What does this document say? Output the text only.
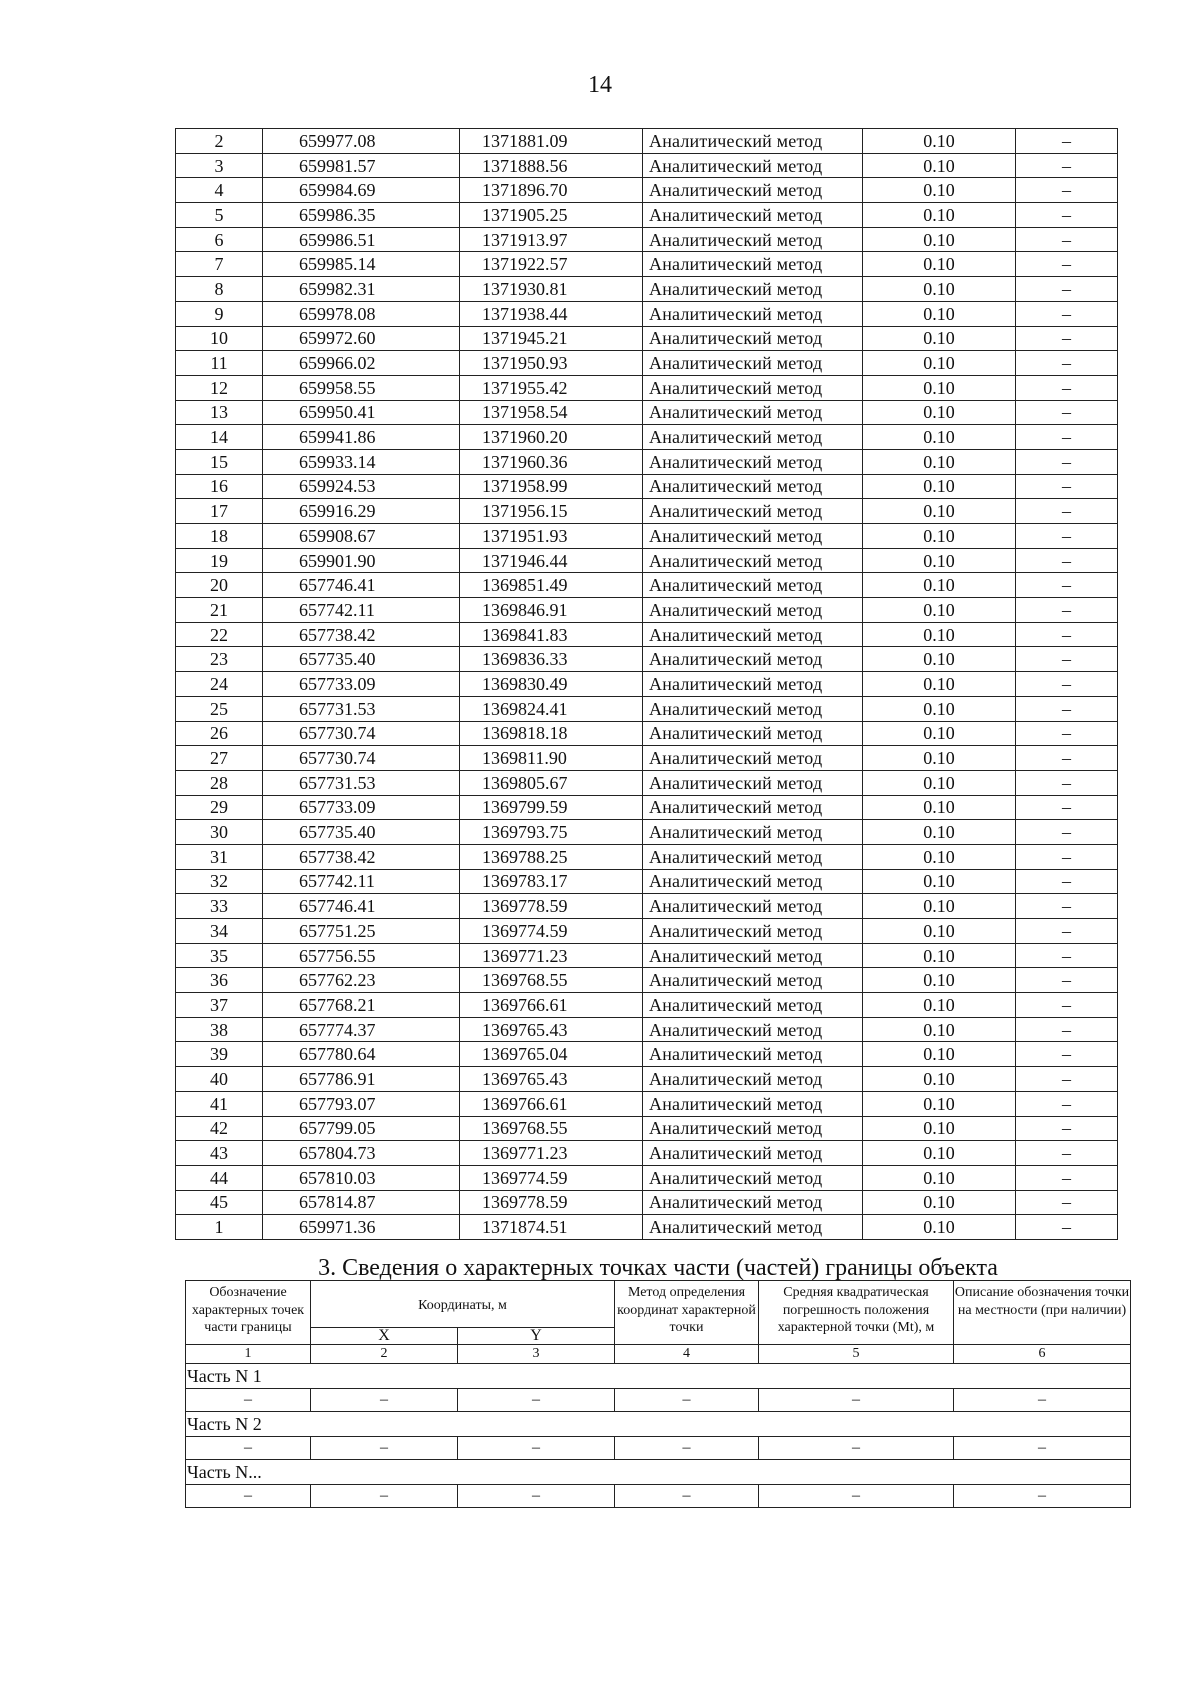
14
2	659977.08	1371881.09	Аналитический метод	0.10	–
3	659981.57	1371888.56	Аналитический метод	0.10	–
4	659984.69	1371896.70	Аналитический метод	0.10	–
5	659986.35	1371905.25	Аналитический метод	0.10	–
6	659986.51	1371913.97	Аналитический метод	0.10	–
7	659985.14	1371922.57	Аналитический метод	0.10	–
8	659982.31	1371930.81	Аналитический метод	0.10	–
9	659978.08	1371938.44	Аналитический метод	0.10	–
10	659972.60	1371945.21	Аналитический метод	0.10	–
11	659966.02	1371950.93	Аналитический метод	0.10	–
12	659958.55	1371955.42	Аналитический метод	0.10	–
13	659950.41	1371958.54	Аналитический метод	0.10	–
14	659941.86	1371960.20	Аналитический метод	0.10	–
15	659933.14	1371960.36	Аналитический метод	0.10	–
16	659924.53	1371958.99	Аналитический метод	0.10	–
17	659916.29	1371956.15	Аналитический метод	0.10	–
18	659908.67	1371951.93	Аналитический метод	0.10	–
19	659901.90	1371946.44	Аналитический метод	0.10	–
20	657746.41	1369851.49	Аналитический метод	0.10	–
21	657742.11	1369846.91	Аналитический метод	0.10	–
22	657738.42	1369841.83	Аналитический метод	0.10	–
23	657735.40	1369836.33	Аналитический метод	0.10	–
24	657733.09	1369830.49	Аналитический метод	0.10	–
25	657731.53	1369824.41	Аналитический метод	0.10	–
26	657730.74	1369818.18	Аналитический метод	0.10	–
27	657730.74	1369811.90	Аналитический метод	0.10	–
28	657731.53	1369805.67	Аналитический метод	0.10	–
29	657733.09	1369799.59	Аналитический метод	0.10	–
30	657735.40	1369793.75	Аналитический метод	0.10	–
31	657738.42	1369788.25	Аналитический метод	0.10	–
32	657742.11	1369783.17	Аналитический метод	0.10	–
33	657746.41	1369778.59	Аналитический метод	0.10	–
34	657751.25	1369774.59	Аналитический метод	0.10	–
35	657756.55	1369771.23	Аналитический метод	0.10	–
36	657762.23	1369768.55	Аналитический метод	0.10	–
37	657768.21	1369766.61	Аналитический метод	0.10	–
38	657774.37	1369765.43	Аналитический метод	0.10	–
39	657780.64	1369765.04	Аналитический метод	0.10	–
40	657786.91	1369765.43	Аналитический метод	0.10	–
41	657793.07	1369766.61	Аналитический метод	0.10	–
42	657799.05	1369768.55	Аналитический метод	0.10	–
43	657804.73	1369771.23	Аналитический метод	0.10	–
44	657810.03	1369774.59	Аналитический метод	0.10	–
45	657814.87	1369778.59	Аналитический метод	0.10	–
1	659971.36	1371874.51	Аналитический метод	0.10	–
3. Сведения о характерных точках части (частей) границы объекта					
Обозначение характерных точек части границы	Координаты, м		Метод определения координат характерной точки	Средняя квадратическая погрешность положения характерной точки (Mt), м	Описание обозначения точки на местности (при наличии)
	X	Y			
1	2	3	4	5	6
Часть N 1					
–	–	–	–	–	–
Часть N 2					
–	–	–	–	–	–
Часть N...					
–	–	–	–	–	–
